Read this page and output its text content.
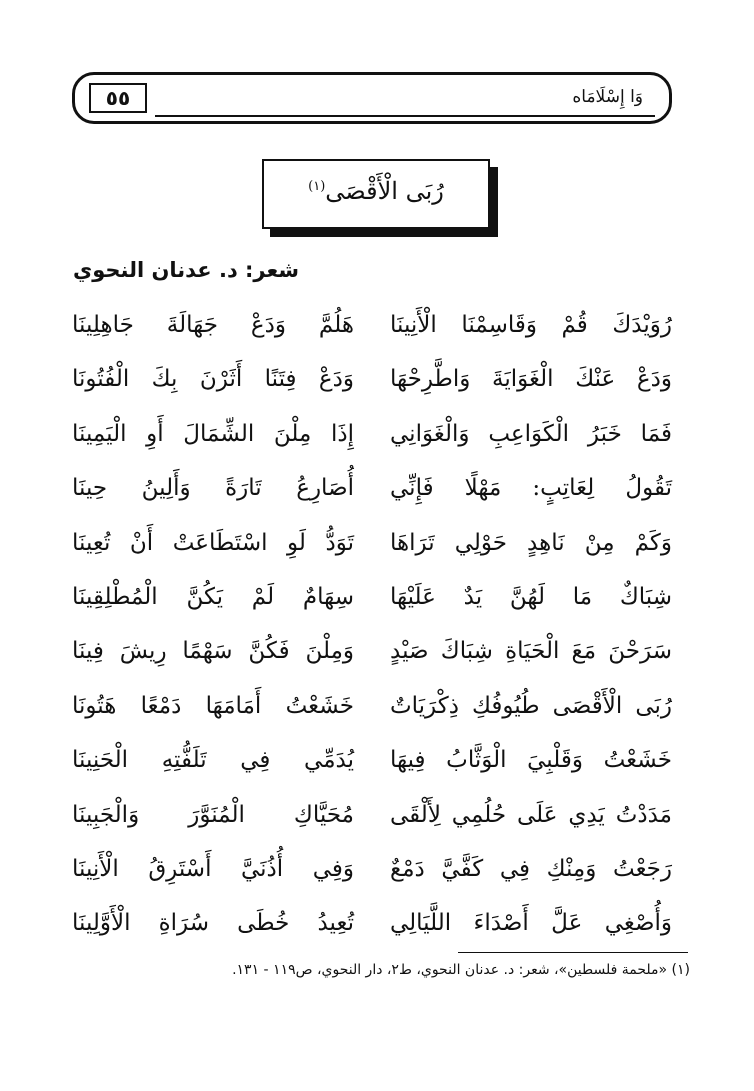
٥٥	وَا إِسْلَامَاه
رُبَى الْأَقْصَى$^{(١)}$
شعر: د. عدنان النحوي
رُوَيْدَكَ قُمْ وَقَاسِمْنَا الْأَنِينَا
هَلُمَّ وَدَعْ جَهَالَةَ جَاهِلِينَا
وَدَعْ عَنْكَ الْغَوَايَةَ وَاطَّرِحْهَا
وَدَعْ فِتَنًا أَثَرْنَ بِكَ الْفُتُونَا
فَمَا خَبَرُ الْكَوَاعِبِ وَالْغَوَانِي
إِذَا مِلْنَ الشِّمَالَ أَوِ الْيَمِينَا
تَقُولُ لِعَاتِبٍ: مَهْلًا فَإِنِّي
أُصَارِعُ تَارَةً وَأَلِينُ حِينَا
وَكَمْ مِنْ نَاهِدٍ حَوْلِي تَرَاهَا
تَوَدُّ لَوِ اسْتَطَاعَتْ أَنْ تُعِينَا
شِبَاكٌ مَا لَهُنَّ يَدٌ عَلَيْهَا
سِهَامٌ لَمْ يَكُنَّ الْمُطْلِقِينَا
سَرَحْنَ مَعَ الْحَيَاةِ شِبَاكَ صَيْدٍ
وَمِلْنَ فَكُنَّ سَهْمًا رِيشَ فِينَا
رُبَى الْأَقْصَى طُيُوفُكِ ذِكْرَيَاتٌ
خَشَعْتُ أَمَامَهَا دَمْعًا هَتُونَا
خَشَعْتُ وَقَلْبِيَ الْوَثَّابُ فِيهَا
يُدَمِّي فِي تَلَفُّتِهِ الْحَنِينَا
مَدَدْتُ يَدِي عَلَى حُلُمِي لِأَلْقَى
مُحَيَّاكِ الْمُنَوَّرَ وَالْجَبِينَا
رَجَعْتُ وَمِنْكِ فِي كَفَّيَّ دَمْعٌ
وَفِي أُذُنَيَّ أَسْتَرِقُ الْأَنِينَا
وَأُصْغِي عَلَّ أَصْدَاءَ اللَّيَالِي
تُعِيدُ خُطَى سُرَاةِ الْأَوَّلِينَا
(١) «ملحمة فلسطين»، شعر: د. عدنان النحوي، ط٢، دار النحوي، ص١١٩ - ١٣١.
